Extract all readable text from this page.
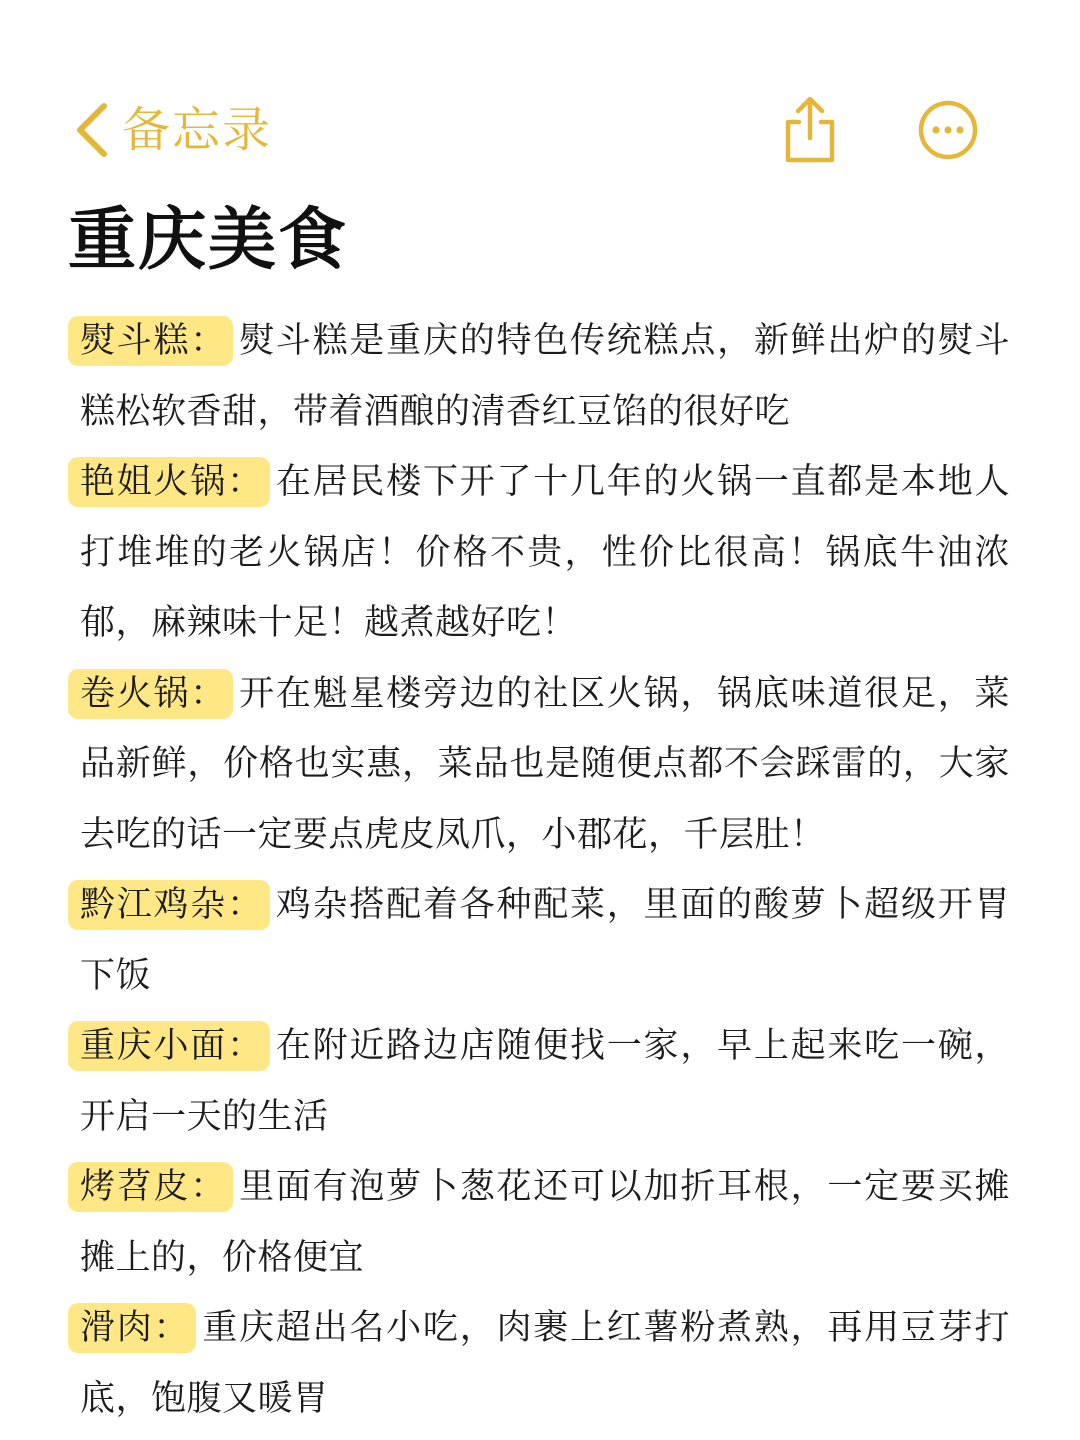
备忘录
重庆美食

熨斗糕： 熨斗糕是重庆的特色传统糕点，新鲜出炉的熨斗糕松软香甜，带着酒酿的清香红豆馅的很好吃

艳姐火锅： 在居民楼下开了十几年的火锅一直都是本地人打堆堆的老火锅店！价格不贵，性价比很高！锅底牛油浓郁，麻辣味十足！越煮越好吃！

卷火锅： 开在魁星楼旁边的社区火锅，锅底味道很足，菜品新鲜，价格也实惠，菜品也是随便点都不会踩雷的，大家去吃的话一定要点虎皮凤爪，小郡花，千层肚！

黔江鸡杂： 鸡杂搭配着各种配菜，里面的酸萝卜超级开胃下饭

重庆小面： 在附近路边店随便找一家，早上起来吃一碗，开启一天的生活

烤苕皮： 里面有泡萝卜葱花还可以加折耳根，一定要买摊摊上的，价格便宜

滑肉： 重庆超出名小吃，肉裹上红薯粉煮熟，再用豆芽打底，饱腹又暖胃
